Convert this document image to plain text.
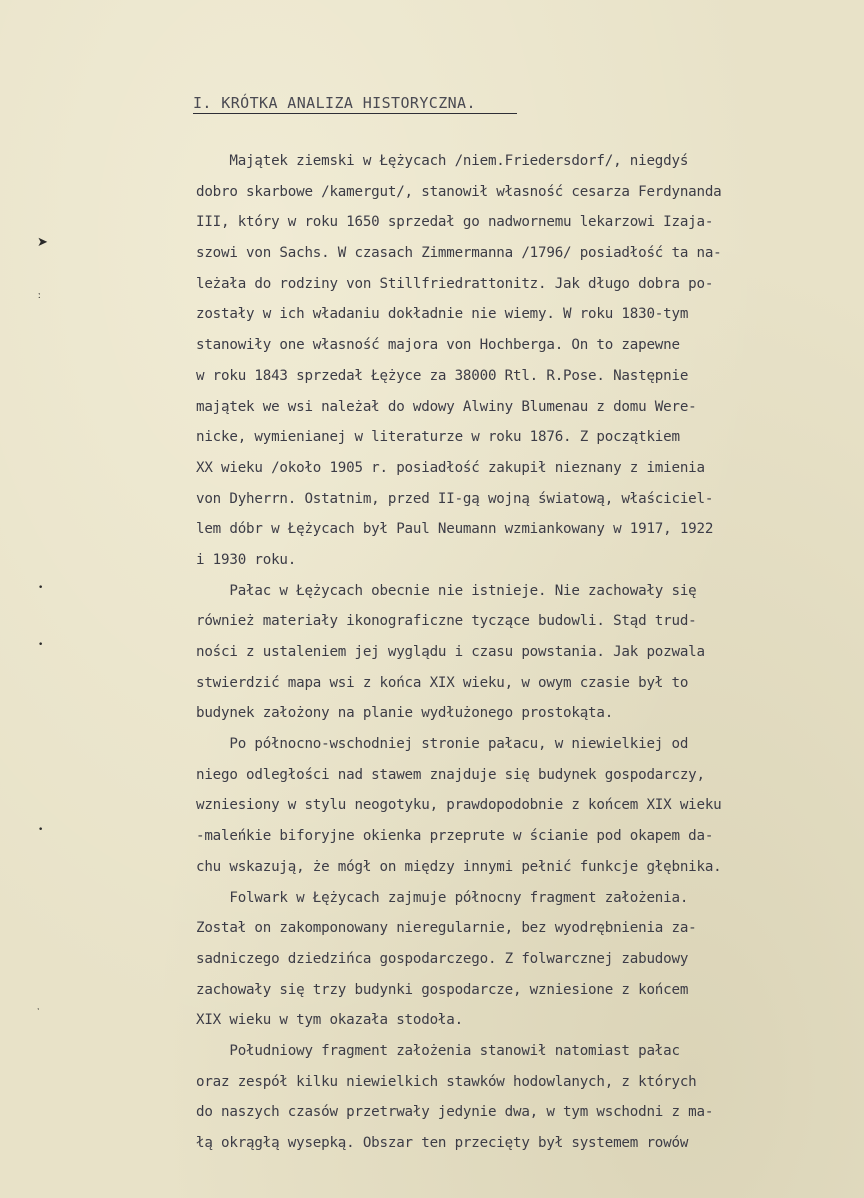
➤
ː
•
•
•
ˑ
I. KRÓTKA ANALIZA HISTORYCZNA.
Majątek ziemski w Łężycach /niem.Friedersdorf/, niegdyś
dobro skarbowe /kamergut/, stanowił własność cesarza Ferdynanda
III, który w roku 1650 sprzedał go nadwornemu lekarzowi Izaja-
szowi von Sachs. W czasach Zimmermanna /1796/ posiadłość ta na-
leżała do rodziny von Stillfriedrattonitz. Jak długo dobra po-
zostały w ich władaniu dokładnie nie wiemy. W roku 1830-tym
stanowiły one własność majora von Hochberga. On to zapewne
w roku 1843 sprzedał Łężyce za 38000 Rtl. R.Pose. Następnie
majątek we wsi należał do wdowy Alwiny Blumenau z domu Were-
nicke, wymienianej w literaturze w roku 1876. Z początkiem
XX wieku /około 1905 r. posiadłość zakupił nieznany z imienia
von Dyherrn. Ostatnim, przed II-gą wojną światową, właściciel-
lem dóbr w Łężycach był Paul Neumann wzmiankowany w 1917, 1922
i 1930 roku.
Pałac w Łężycach obecnie nie istnieje. Nie zachowały się
również materiały ikonograficzne tyczące budowli. Stąd trud-
ności z ustaleniem jej wyglądu i czasu powstania. Jak pozwala
stwierdzić mapa wsi z końca XIX wieku, w owym czasie był to
budynek założony na planie wydłużonego prostokąta.
Po północno-wschodniej stronie pałacu, w niewielkiej od
niego odległości nad stawem znajduje się budynek gospodarczy,
wzniesiony w stylu neogotyku, prawdopodobnie z końcem XIX wieku
-maleńkie biforyjne okienka przeprute w ścianie pod okapem da-
chu wskazują, że mógł on między innymi pełnić funkcje głębnika.
Folwark w Łężycach zajmuje północny fragment założenia.
Został on zakomponowany nieregularnie, bez wyodrębnienia za-
sadniczego dziedzińca gospodarczego. Z folwarcznej zabudowy
zachowały się trzy budynki gospodarcze, wzniesione z końcem
XIX wieku w tym okazała stodoła.
Południowy fragment założenia stanowił natomiast pałac
oraz zespół kilku niewielkich stawków hodowlanych, z których
do naszych czasów przetrwały jedynie dwa, w tym wschodni z ma-
łą okrągłą wysepką. Obszar ten przecięty był systemem rowów
